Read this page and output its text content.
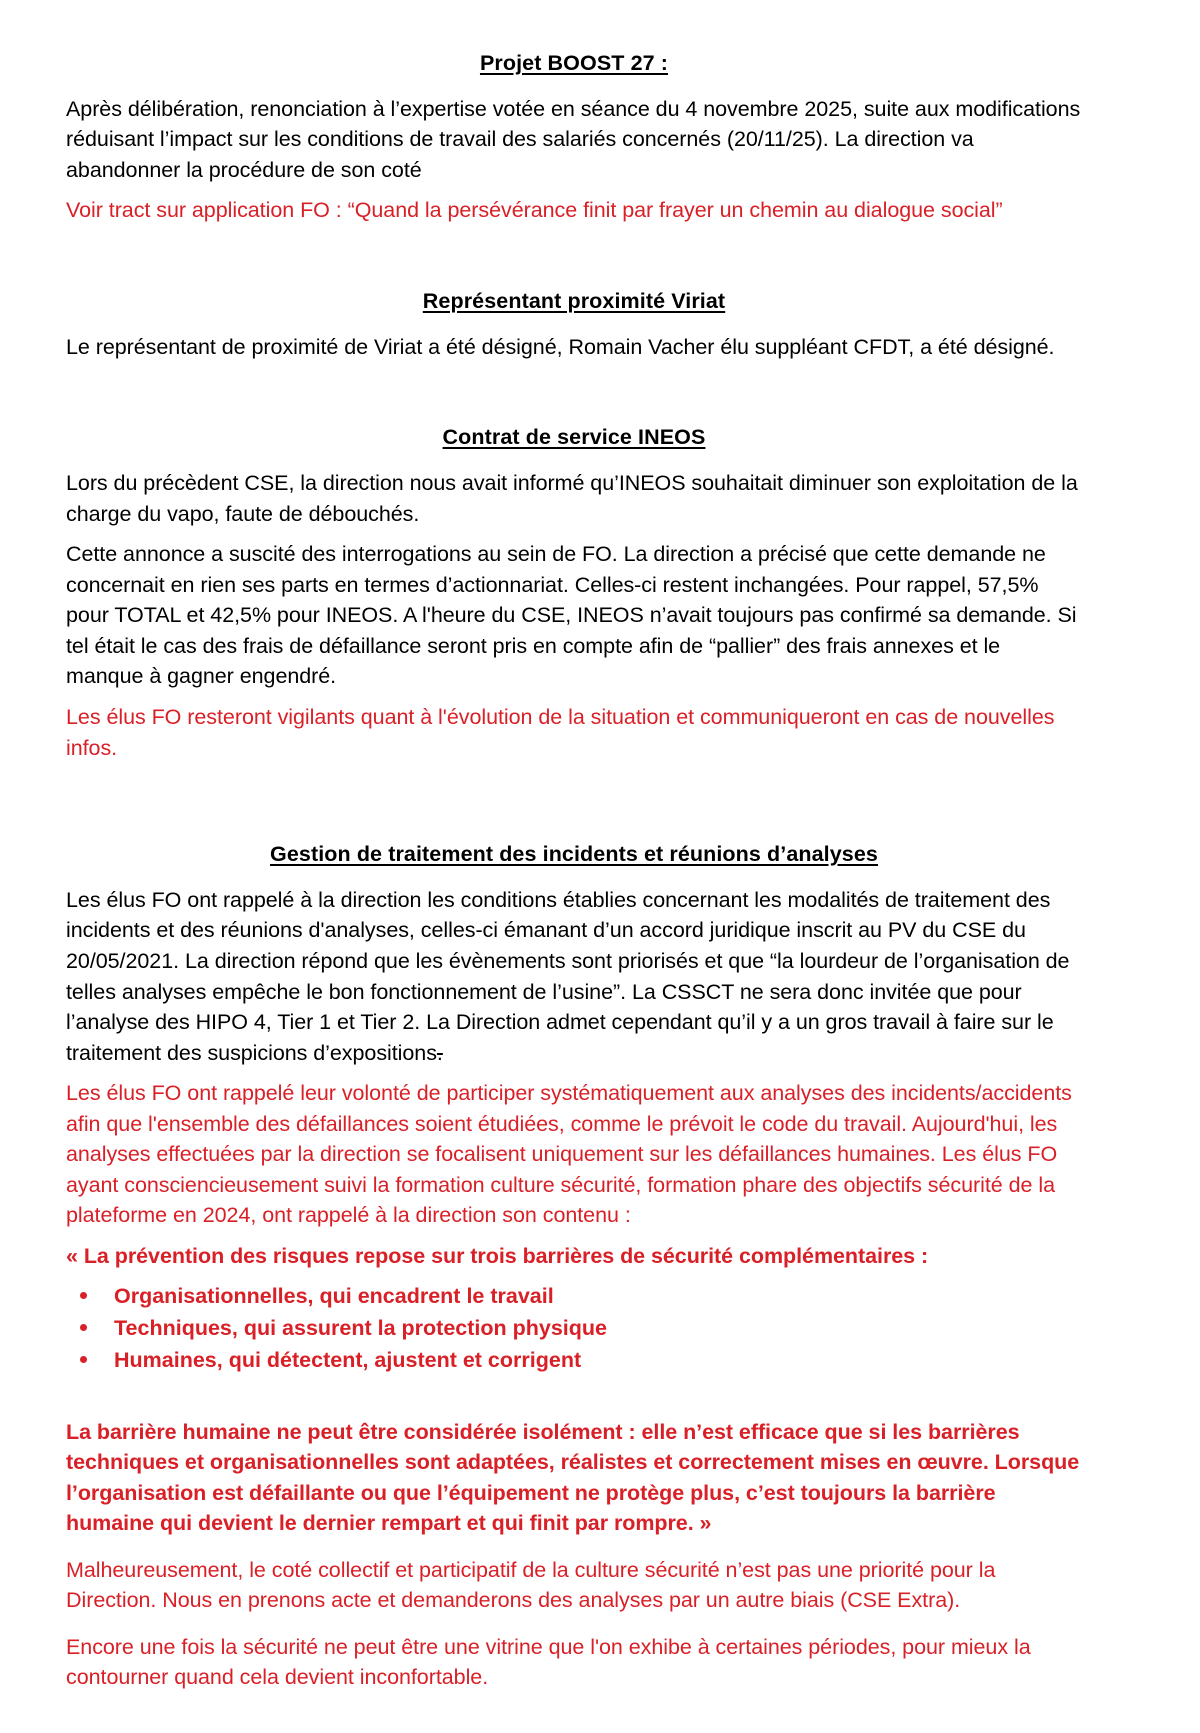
Projet BOOST 27 :

Après délibération, renonciation à l’expertise votée en séance du 4 novembre 2025, suite aux modifications réduisant l’impact sur les conditions de travail des salariés concernés (20/11/25). La direction va abandonner la procédure de son coté

Voir tract sur application FO : “Quand la persévérance finit par frayer un chemin au dialogue social”

Représentant proximité Viriat

Le représentant de proximité de Viriat a été désigné, Romain Vacher élu suppléant CFDT, a été désigné.

Contrat de service INEOS

Lors du précèdent CSE, la direction nous avait informé qu’INEOS souhaitait diminuer son exploitation de la charge du vapo, faute de débouchés.

Cette annonce a suscité des interrogations au sein de FO. La direction a précisé que cette demande ne concernait en rien ses parts en termes d’actionnariat. Celles-ci restent inchangées. Pour rappel, 57,5% pour TOTAL et 42,5% pour INEOS. A l'heure du CSE, INEOS n’avait toujours pas confirmé sa demande. Si tel était le cas des frais de défaillance seront pris en compte afin de “pallier” des frais annexes et le manque à gagner engendré.

Les élus FO resteront vigilants quant à l'évolution de la situation et communiqueront en cas de nouvelles infos.

Gestion de traitement des incidents et réunions d’analyses

Les élus FO ont rappelé à la direction les conditions établies concernant les modalités de traitement des incidents et des réunions d'analyses, celles-ci émanant d’un accord juridique inscrit au PV du CSE du 20/05/2021. La direction répond que les évènements sont priorisés et que “la lourdeur de l’organisation de telles analyses empêche le bon fonctionnement de l’usine”. La CSSCT ne sera donc invitée que pour l’analyse des HIPO 4, Tier 1 et Tier 2. La Direction admet cependant qu’il y a un gros travail à faire sur le traitement des suspicions d’expositions.

Les élus FO ont rappelé leur volonté de participer systématiquement aux analyses des incidents/accidents afin que l'ensemble des défaillances soient étudiées, comme le prévoit le code du travail. Aujourd'hui, les analyses effectuées par la direction se focalisent uniquement sur les défaillances humaines. Les élus FO ayant consciencieusement suivi la formation culture sécurité, formation phare des objectifs sécurité de la plateforme en 2024, ont rappelé à la direction son contenu :

« La prévention des risques repose sur trois barrières de sécurité complémentaires :

Organisationnelles, qui encadrent le travail
Techniques, qui assurent la protection physique
Humaines, qui détectent, ajustent et corrigent

La barrière humaine ne peut être considérée isolément : elle n’est efficace que si les barrières techniques et organisationnelles sont adaptées, réalistes et correctement mises en œuvre. Lorsque l’organisation est défaillante ou que l’équipement ne protège plus, c’est toujours la barrière humaine qui devient le dernier rempart et qui finit par rompre. »

Malheureusement, le coté collectif et participatif de la culture sécurité n’est pas une priorité pour la Direction. Nous en prenons acte et demanderons des analyses par un autre biais (CSE Extra).

Encore une fois la sécurité ne peut être une vitrine que l'on exhibe à certaines périodes, pour mieux la contourner quand cela devient inconfortable.
